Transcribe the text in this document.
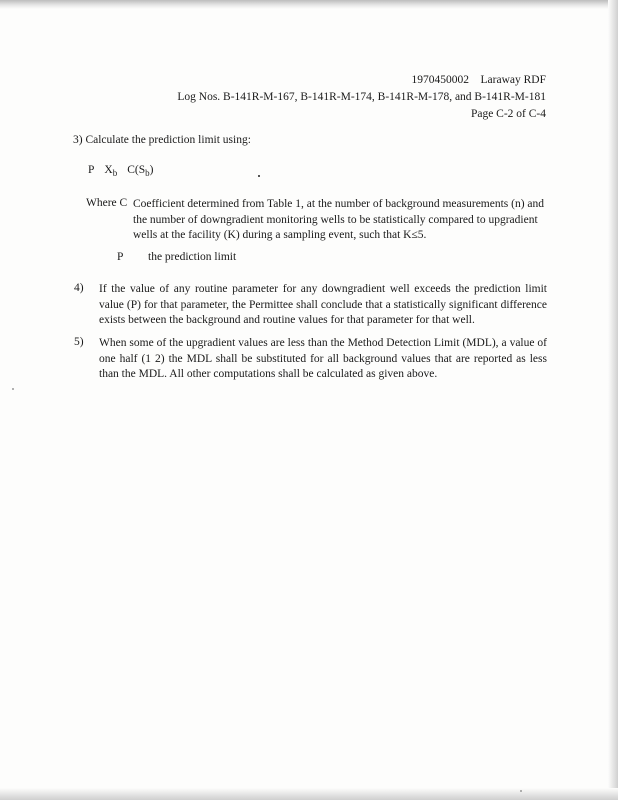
1970450002 Laraway RDF
Log Nos. B-141R-M-167, B-141R-M-174, B-141R-M-178, and B-141R-M-181
Page C-2 of C-4
3) Calculate the prediction limit using:
P $X_b$ $C(S_b)$
Where C Coefficient determined from Table 1, at the number of background measurements (n) and the number of downgradient monitoring wells to be statistically compared to upgradient wells at the facility (K) during a sampling event, such that K≤5.
P the prediction limit
4) If the value of any routine parameter for any downgradient well exceeds the prediction limit value (P) for that parameter, the Permittee shall conclude that a statistically significant difference exists between the background and routine values for that parameter for that well.
5) When some of the upgradient values are less than the Method Detection Limit (MDL), a value of one half (1 2) the MDL shall be substituted for all background values that are reported as less than the MDL. All other computations shall be calculated as given above.
